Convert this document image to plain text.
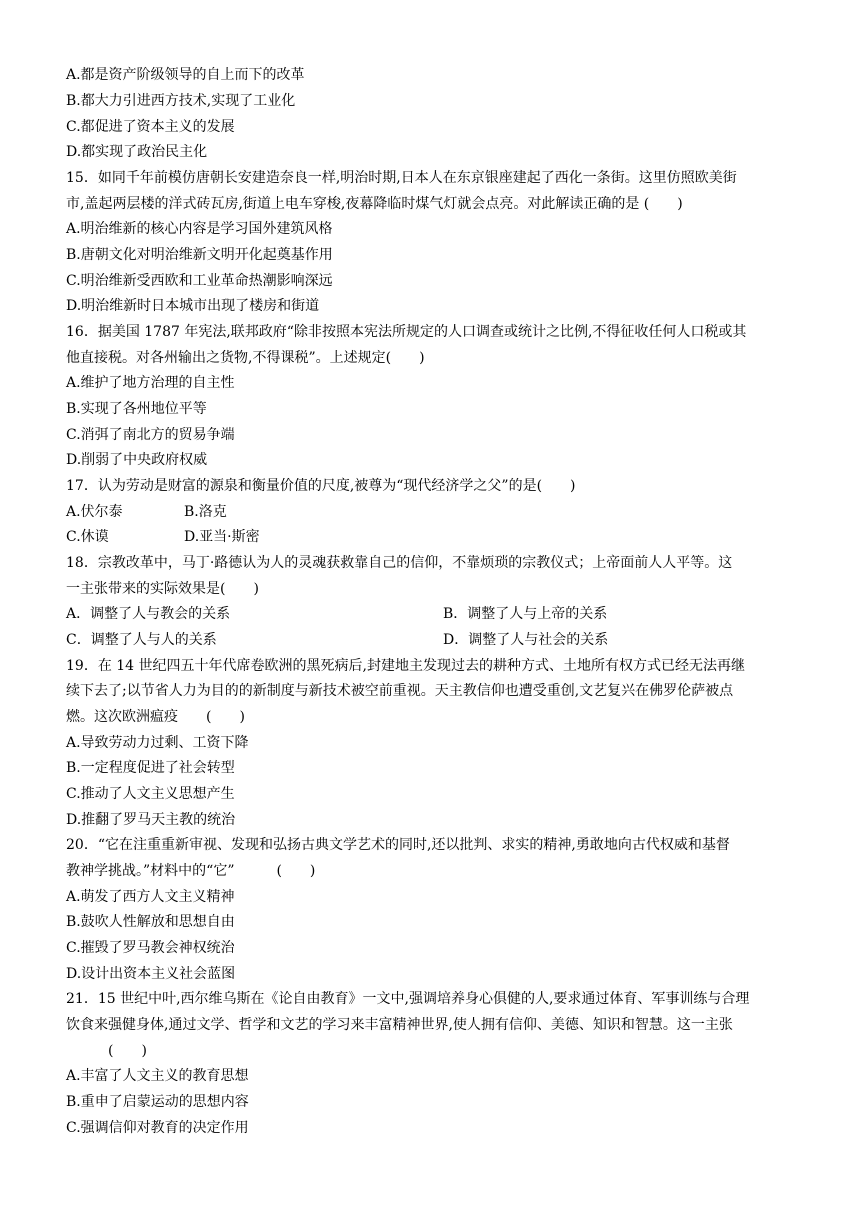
A.都是资产阶级领导的自上而下的改革
B.都大力引进西方技术,实现了工业化
C.都促进了资本主义的发展
D.都实现了政治民主化
15．如同千年前模仿唐朝长安建造奈良一样,明治时期,日本人在东京银座建起了西化一条街。这里仿照欧美街
市,盖起两层楼的洋式砖瓦房,街道上电车穿梭,夜幕降临时煤气灯就会点亮。对此解读正确的是 (　　)
A.明治维新的核心内容是学习国外建筑风格
B.唐朝文化对明治维新文明开化起奠基作用
C.明治维新受西欧和工业革命热潮影响深远
D.明治维新时日本城市出现了楼房和街道
16．据美国 1787 年宪法,联邦政府“除非按照本宪法所规定的人口调查或统计之比例,不得征收任何人口税或其
他直接税。对各州输出之货物,不得课税”。上述规定(　　)
A.维护了地方治理的自主性
B.实现了各州地位平等
C.消弭了南北方的贸易争端
D.削弱了中央政府权威
17．认为劳动是财富的源泉和衡量价值的尺度,被尊为“现代经济学之父”的是(　　)
A.伏尔泰	B.洛克
C.休谟	D.亚当·斯密
18．宗教改革中，马丁·路德认为人的灵魂获救靠自己的信仰，不靠烦琐的宗教仪式；上帝面前人人平等。这
一主张带来的实际效果是(　　)
A．调整了人与教会的关系	B．调整了人与上帝的关系
C．调整了人与人的关系	D．调整了人与社会的关系
19．在 14 世纪四五十年代席卷欧洲的黑死病后,封建地主发现过去的耕种方式、土地所有权方式已经无法再继
续下去了;以节省人力为目的的新制度与新技术被空前重视。天主教信仰也遭受重创,文艺复兴在佛罗伦萨被点
燃。这次欧洲瘟疫　　(　　)
A.导致劳动力过剩、工资下降
B.一定程度促进了社会转型
C.推动了人文主义思想产生
D.推翻了罗马天主教的统治
20．“它在注重重新审视、发现和弘扬古典文学艺术的同时,还以批判、求实的精神,勇敢地向古代权威和基督
教神学挑战。”材料中的“它”　　　(　　)
A.萌发了西方人文主义精神
B.鼓吹人性解放和思想自由
C.摧毁了罗马教会神权统治
D.设计出资本主义社会蓝图
21．15 世纪中叶,西尔维乌斯在《论自由教育》一文中,强调培养身心俱健的人,要求通过体育、军事训练与合理
饮食来强健身体,通过文学、哲学和文艺的学习来丰富精神世界,使人拥有信仰、美德、知识和智慧。这一主张
　　　(　　)
A.丰富了人文主义的教育思想
B.重申了启蒙运动的思想内容
C.强调信仰对教育的决定作用
